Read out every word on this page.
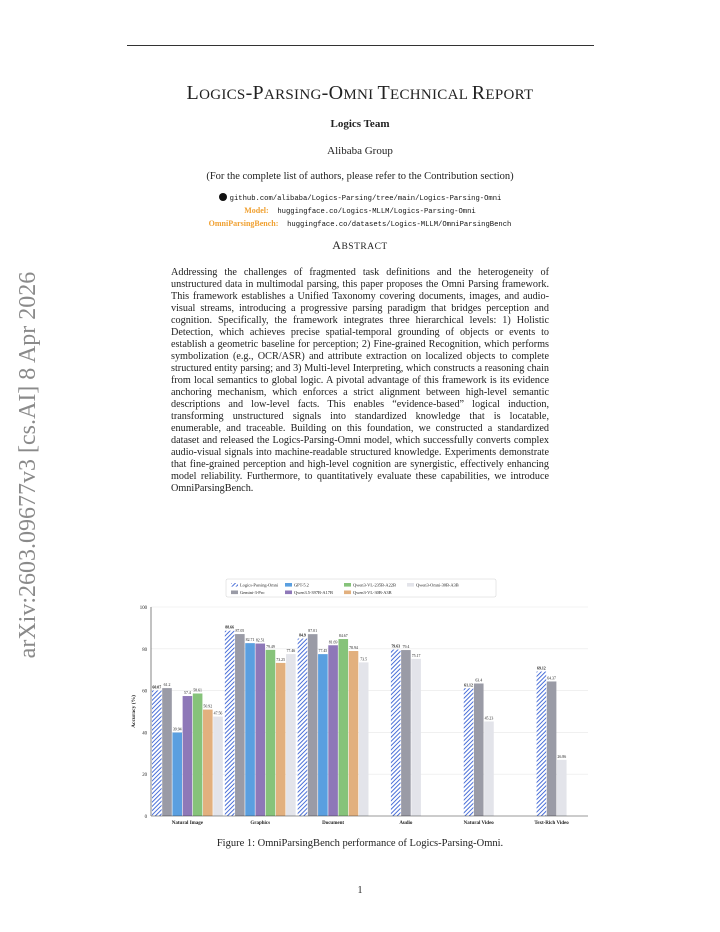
arXiv:2603.09677v3 [cs.AI] 8 Apr 2026
LOGICS-PARSING-OMNI TECHNICAL REPORT
Logics Team
Alibaba Group
(For the complete list of authors, please refer to the Contribution section)
github.com/alibaba/Logics-Parsing/tree/main/Logics-Parsing-Omni
Model: huggingface.co/Logics-MLLM/Logics-Parsing-Omni
OmniParsingBench: huggingface.co/datasets/Logics-MLLM/OmniParsingBench
ABSTRACT
Addressing the challenges of fragmented task definitions and the heterogeneity of unstructured data in multimodal parsing, this paper proposes the Omni Parsing framework. This framework establishes a Unified Taxonomy covering documents, images, and audio-visual streams, introducing a progressive parsing paradigm that bridges perception and cognition. Specifically, the framework integrates three hierarchical levels: 1) Holistic Detection, which achieves precise spatial-temporal grounding of objects or events to establish a geometric baseline for perception; 2) Fine-grained Recognition, which performs symbolization (e.g., OCR/ASR) and attribute extraction on localized objects to complete structured entity parsing; and 3) Multi-level Interpreting, which constructs a reasoning chain from local semantics to global logic. A pivotal advantage of this framework is its evidence anchoring mechanism, which enforces a strict alignment between high-level semantic descriptions and low-level facts. This enables “evidence-based” logical induction, transforming unstructured signals into standardized knowledge that is locatable, enumerable, and traceable. Building on this foundation, we constructed a standardized dataset and released the Logics-Parsing-Omni model, which successfully converts complex audio-visual signals into machine-readable structured knowledge. Experiments demonstrate that fine-grained perception and high-level cognition are synergistic, effectively enhancing model reliability. Furthermore, to quantitatively evaluate these capabilities, we introduce OmniParsingBench.
60.07
61.2
39.94
57.4
58.61
50.92
47.56
88.66
87.05
82.71 82.51
79.49
73.25
77.46
84.9
87.01
77.45
81.69
84.67
78.94
73.5
79.63 79.4
75.17
61.12
63.4
45.23
69.12
64.37
26.86
0
20
40
60
80
100
Accuracy (%)
Natural Image	Graphics	Document	Audio	Natural Video	Text-Rich Video
Logics-Parsing-Omni
Gemini-3-Pro
GPT-5.2
Qwen3.5-397B-A17B
Qwen3-VL-235B-A22B
Qwen3-VL-30B-A3B
Qwen3-Omni-30B-A3B
Figure 1: OmniParsingBench performance of Logics-Parsing-Omni.
1
